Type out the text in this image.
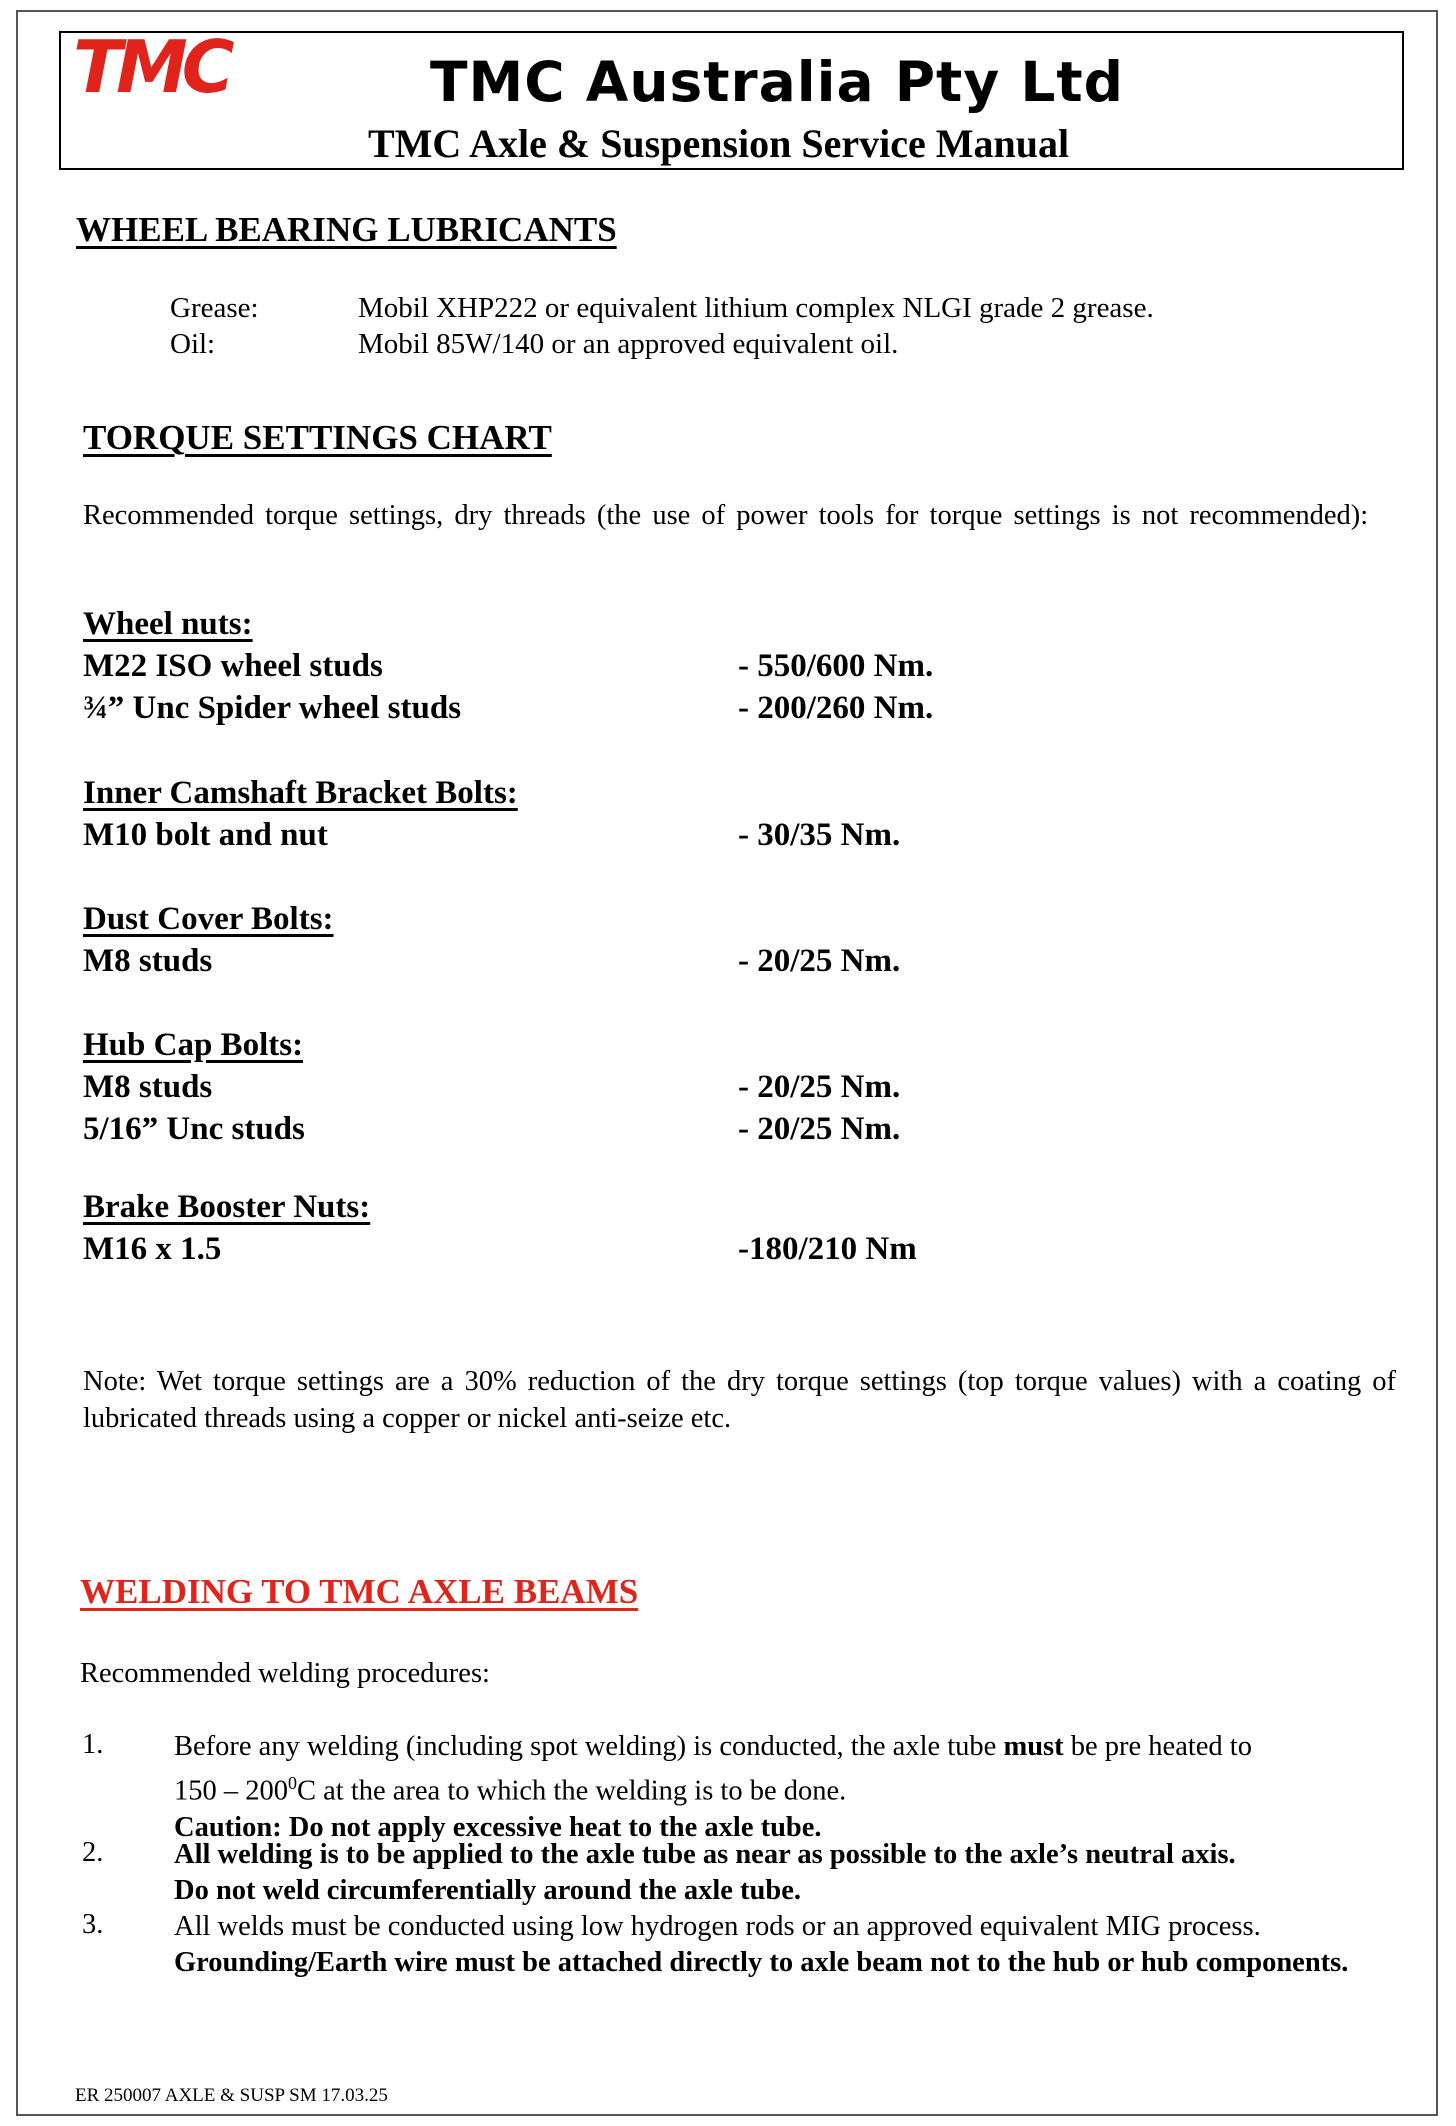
TMC	TMC Australia Pty Ltd
TMC Axle & Suspension Service Manual
WHEEL BEARING LUBRICANTS
Grease:	Mobil XHP222 or equivalent lithium complex NLGI grade 2 grease.
Oil:	Mobil 85W/140 or an approved equivalent oil.
TORQUE SETTINGS CHART
Recommended torque settings, dry threads (the use of power tools for torque settings is not recommended):
Wheel nuts:
M22 ISO wheel studs	- 550/600 Nm.
¾” Unc Spider wheel studs	- 200/260 Nm.
Inner Camshaft Bracket Bolts:
M10 bolt and nut	- 30/35 Nm.
Dust Cover Bolts:
M8 studs	- 20/25 Nm.
Hub Cap Bolts:
M8 studs	- 20/25 Nm.
5/16” Unc studs	- 20/25 Nm.
Brake Booster Nuts:
M16 x 1.5	-180/210 Nm
Note: Wet torque settings are a 30% reduction of the dry torque settings (top torque values) with a coating of lubricated threads using a copper or nickel anti-seize etc.
WELDING TO TMC AXLE BEAMS
Recommended welding procedures:
1. Before any welding (including spot welding) is conducted, the axle tube must be pre heated to
$150 - 200^0C$ at the area to which the welding is to be done.
Caution: Do not apply excessive heat to the axle tube.
2. All welding is to be applied to the axle tube as near as possible to the axle’s neutral axis.
Do not weld circumferentially around the axle tube.
3. All welds must be conducted using low hydrogen rods or an approved equivalent MIG process.
Grounding/Earth wire must be attached directly to axle beam not to the hub or hub components.
ER 250007 AXLE & SUSP SM 17.03.25
